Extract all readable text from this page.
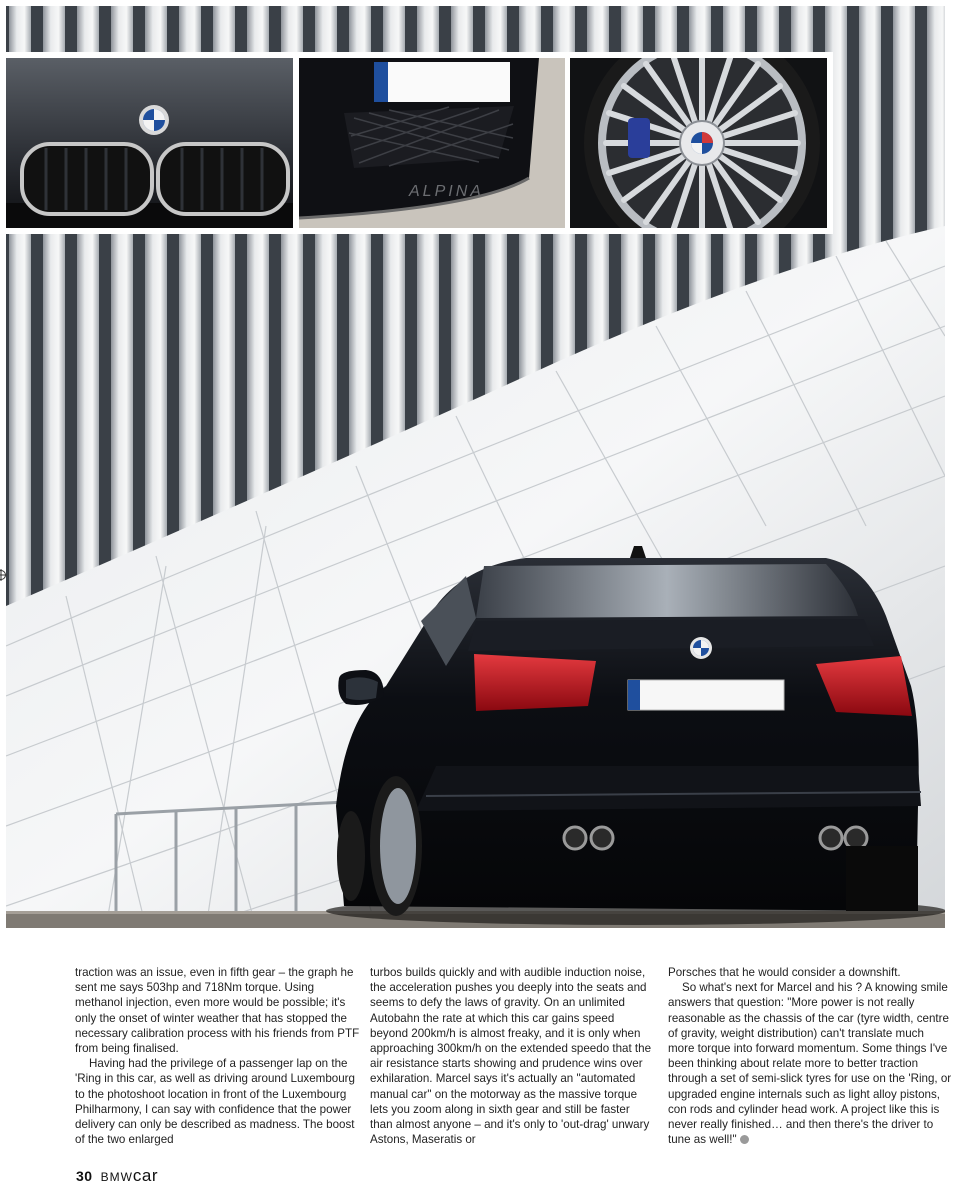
ALPINA

traction was an issue, even in fifth gear – the graph he sent me says 503hp and 718Nm torque. Using methanol injection, even more would be possible; it's only the onset of winter weather that has stopped the necessary calibration process with his friends from PTF from being finalised.

Having had the privilege of a passenger lap on the 'Ring in this car, as well as driving around Luxembourg to the photoshoot location in front of the Luxembourg Philharmony, I can say with confidence that the power delivery can only be described as madness. The boost of the two enlarged

turbos builds quickly and with audible induction noise, the acceleration pushes you deeply into the seats and seems to defy the laws of gravity. On an unlimited Autobahn the rate at which this car gains speed beyond 200km/h is almost freaky, and it is only when approaching 300km/h on the extended speedo that the air resistance starts showing and prudence wins over exhilaration. Marcel says it's actually an "automated manual car" on the motorway as the massive torque lets you zoom along in sixth gear and still be faster than almost anyone – and it's only to 'out-drag' unwary Astons, Maseratis or

Porsches that he would consider a downshift.

So what's next for Marcel and his ? A knowing smile answers that question: "More power is not really reasonable as the chassis of the car (tyre width, centre of gravity, weight distribution) can't translate much more torque into forward momentum. Some things I've been thinking about relate more to better traction through a set of semi-slick tyres for use on the 'Ring, or upgraded engine internals such as light alloy pistons, con rods and cylinder head work. A project like this is never really finished… and then there's the driver to tune as well!"

30 BMWcar
